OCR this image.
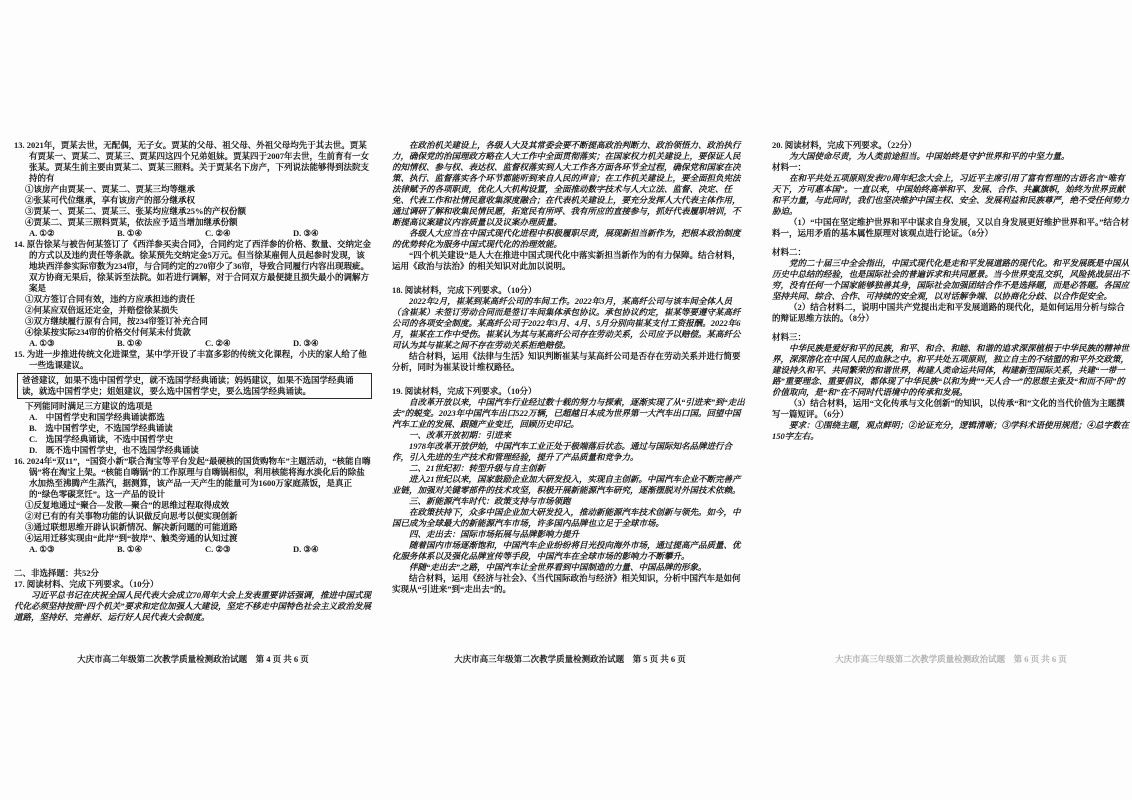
13. 2021年，贾某去世，无配偶，无子女。贾某的父母、祖父母、外祖父母均先于其去世。贾某有贾某一、贾某二、贾某三、贾某四这四个兄弟姐妹。贾某四于2007年去世，生前育有一女张某。贾某生前主要由贾某二、贾某三照料。关于贾某名下房产，下列说法能够得到法院支持的有

①该房产由贾某一、贾某二、贾某三均等继承

②张某可代位继承，享有该房产的部分继承权

③贾某一、贾某二、贾某三、张某均应继承25%的产权份额

④贾某二、贾某三照料贾某，依法应予适当增加继承份额

A. ①②	B. ①④	C. ②④	D. ③④

14. 原告徐某与被告何某签订了《西洋参买卖合同》，合同约定了西洋参的价格、数量、交纳定金的方式以及违约责任等条款。徐某预先交纳定金5万元。但当徐某雇佣人员起参时发现，该地块西洋参实际帘数为234帘，与合同约定的270帘少了36帘，导致合同履行内容出现瑕疵。双方协商无果后，徐某诉至法院。如若进行调解，对于合同双方最便捷且损失最小的调解方案是

①双方签订合同有效，违约方应承担违约责任

②何某应双倍返还定金，并赔偿徐某损失

③双方继续履行原有合同，按234帘签订补充合同

④徐某按实际234帘的价格交付何某未付货款

A. ①③	B. ①④	C. ②④	D. ③④

15. 为进一步推进传统文化进课堂，某中学开设了丰富多彩的传统文化课程，小庆的家人给了他一些选课建议。

爸爸建议，如果不选中国哲学史，就不选国学经典诵读；妈妈建议，如果不选国学经典诵读，就选中国哲学史；姐姐建议，要么选中国哲学史，要么选国学经典诵读。

下列能同时满足三方建议的选项是

A.　中国哲学史和国学经典诵读都选

B.　选中国哲学史，不选国学经典诵读

C.　选国学经典诵读，不选中国哲学史

D.　既不选中国哲学史，也不选国学经典诵读

16. 2024年“双11”，“国资小新”联合淘宝等平台发起“最硬核的国货购物车”主题活动，“核能自嗨锅”将在淘宝上架。“核能自嗨锅”的工作原理与自嗨锅相似，利用核能将海水淡化后的除盐水加热至沸腾产生蒸汽，据测算，该产品一天产生的能量可为1600万家庭蒸饭，是真正的“绿色零碳烹饪”。这一产品的设计

①反复地通过“聚合—发散—聚合”的思维过程取得成效

②对已有的有关事物功能的认识做反向思考以便实现创新

③通过联想思维开辟认识新情况、解决新问题的可能道路

④运用迁移实现由“此岸”到“彼岸”、触类旁通的认知过渡

A. ①③	B. ①④	C. ②③	D. ③④

二、非选择题：共52分

17. 阅读材料、完成下列要求。（10分）

习近平总书记在庆祝全国人民代表大会成立70周年大会上发表重要讲话强调，推进中国式现代化必须坚持按照“四个机关”要求和定位加强人大建设，坚定不移走中国特色社会主义政治发展道路，坚持好、完善好、运行好人民代表大会制度。

大庆市高二年级第二次教学质量检测政治试题　第 4 页 共 6 页

在政治机关建设上，各级人大及其常委会要不断提高政治判断力、政治领悟力、政治执行力，确保党的治国理政方略在人大工作中全面贯彻落实；在国家权力机关建设上，要保证人民的知情权、参与权、表达权、监督权落实到人大工作各方面各环节全过程，确保党和国家在决策、执行、监督落实各个环节都能听到来自人民的声音；在工作机关建设上，要全面担负宪法法律赋予的各项职责，优化人大机构设置，全面推动数字技术与人大立法、监督、决定、任免、代表工作和社情民意收集深度融合；在代表机关建设上，要充分发挥人大代表主体作用，通过调研了解和收集民情民愿，拓宽民有所呼、我有所应的直接参与，抓好代表履职培训，不断提高议案建议内容质量以及议案办理质量。

各级人大应当在中国式现代化进程中积极履职尽责，展现新担当新作为，把根本政治制度的优势转化为服务中国式现代化的治理效能。

“四个机关建设”是人大在推进中国式现代化中落实新担当新作为的有力保障。结合材料，运用《政治与法治》的相关知识对此加以说明。

18. 阅读材料，完成下列要求。（10分）

2022年2月，崔某到某高纤公司的车间工作。2022年3月，某高纤公司与该车间全体人员（含崔某）未签订劳动合同而是签订车间集体承包协议。承包协议约定，崔某等要遵守某高纤公司的各项安全制度。某高纤公司于2022年3月、4月、5月分别向崔某支付工资报酬。2022年6月，崔某在工作中受伤。崔某认为其与某高纤公司存在劳动关系，公司应予以赔偿。某高纤公司认为其与崔某之间不存在劳动关系拒绝赔偿。

结合材料，运用《法律与生活》知识判断崔某与某高纤公司是否存在劳动关系并进行简要分析，同时为崔某设计维权路径。

19. 阅读材料，完成下列要求。（10分）

自改革开放以来，中国汽车行业经过数十载的努力与探索，逐渐实现了从“引进来”到“走出去”的蜕变。2023年中国汽车出口522万辆，已超越日本成为世界第一大汽车出口国。回望中国汽车工业的发展、跟随产业变迁，回顾历史印记。

一、改革开放初期：引进来

1978年改革开放伊始，中国汽车工业正处于极端落后状态。通过与国际知名品牌进行合作，引入先进的生产技术和管理经验，提升了产品质量和竞争力。

二、21世纪初：转型升级与自主创新

进入21世纪以来，国家鼓励企业加大研发投入，实现自主创新。中国汽车企业不断完善产业链，加强对关键零部件的技术攻坚，积极开展新能源汽车研究，逐渐摆脱对外国技术依赖。

三、新能源汽车时代：政策支持与市场领跑

在政策扶持下，众多中国企业加大研发投入，推动新能源汽车技术创新与领先。如今，中国已成为全球最大的新能源汽车市场，许多国内品牌也立足于全球市场。

四、走出去：国际市场拓展与品牌影响力提升

随着国内市场逐渐饱和，中国汽车企业纷纷将目光投向海外市场，通过提高产品质量、优化服务体系以及强化品牌宣传等手段，中国汽车在全球市场的影响力不断攀升。

伴随“走出去”之路，中国汽车让全世界看到中国制造的力量、中国品牌的形象。

结合材料，运用《经济与社会》、《当代国际政治与经济》相关知识，分析中国汽车是如何实现从“引进来”到“走出去”的。

大庆市高三年级第二次教学质量检测政治试题　第 5 页 共 6 页

20. 阅读材料，完成下列要求。（22分）

为大国使命尽责，为人类前途担当。中国始终是守护世界和平的中坚力量。

材料一：

在和平共处五项原则发表70周年纪念大会上，习近平主席引用了富有哲理的古语名言“唯有天下，方可惠本国”。一直以来，中国始终高举和平、发展、合作、共赢旗帜，始终为世界贡献和平力量，与此同时，我们也坚决维护中国主权、安全、发展利益和民族尊严，绝不受任何势力胁迫。

（1）“中国在坚定维护世界和平中谋求自身发展，又以自身发展更好维护世界和平。”结合材料一，运用矛盾的基本属性原理对该观点进行论证。（8分）

材料二：

党的二十届三中全会指出，中国式现代化是走和平发展道路的现代化。和平发展既是中国从历史中总结的经验，也是国际社会的普遍诉求和共同愿景。当今世界变乱交织，风险挑战层出不穷，没有任何一个国家能够独善其身，国际社会加强团结合作不是选择题，而是必答题。各国应坚持共同、综合、合作、可持续的安全观，以对话解争端、以协商化分歧、以合作促安全。

（2）结合材料二，说明中国共产党提出走和平发展道路的现代化，是如何运用分析与综合的辩证思维方法的。（8分）

材料三：

中华民族是爱好和平的民族，和平、和合、和睦、和谐的追求深深植根于中华民族的精神世界，深深溶化在中国人民的血脉之中。和平共处五项原则，独立自主的不结盟的和平外交政策，建设持久和平、共同繁荣的和谐世界，构建人类命运共同体，构建新型国际关系，共建“一带一路”重要理念、重要倡议，都体现了中华民族“以和为贵”“天人合一”的思想主张及“和而不同”的价值取向，是“和”在不同时代语境中的传承和发展。

（3）结合材料，运用“文化传承与文化创新”的知识，以传承“和”文化的当代价值为主题撰写一篇短评。（6分）

要求：①围绕主题，观点鲜明；②论证充分，逻辑清晰；③学科术语使用规范；④总字数在150字左右。

大庆市高三年级第二次教学质量检测政治试题　第 6 页 共 6 页
